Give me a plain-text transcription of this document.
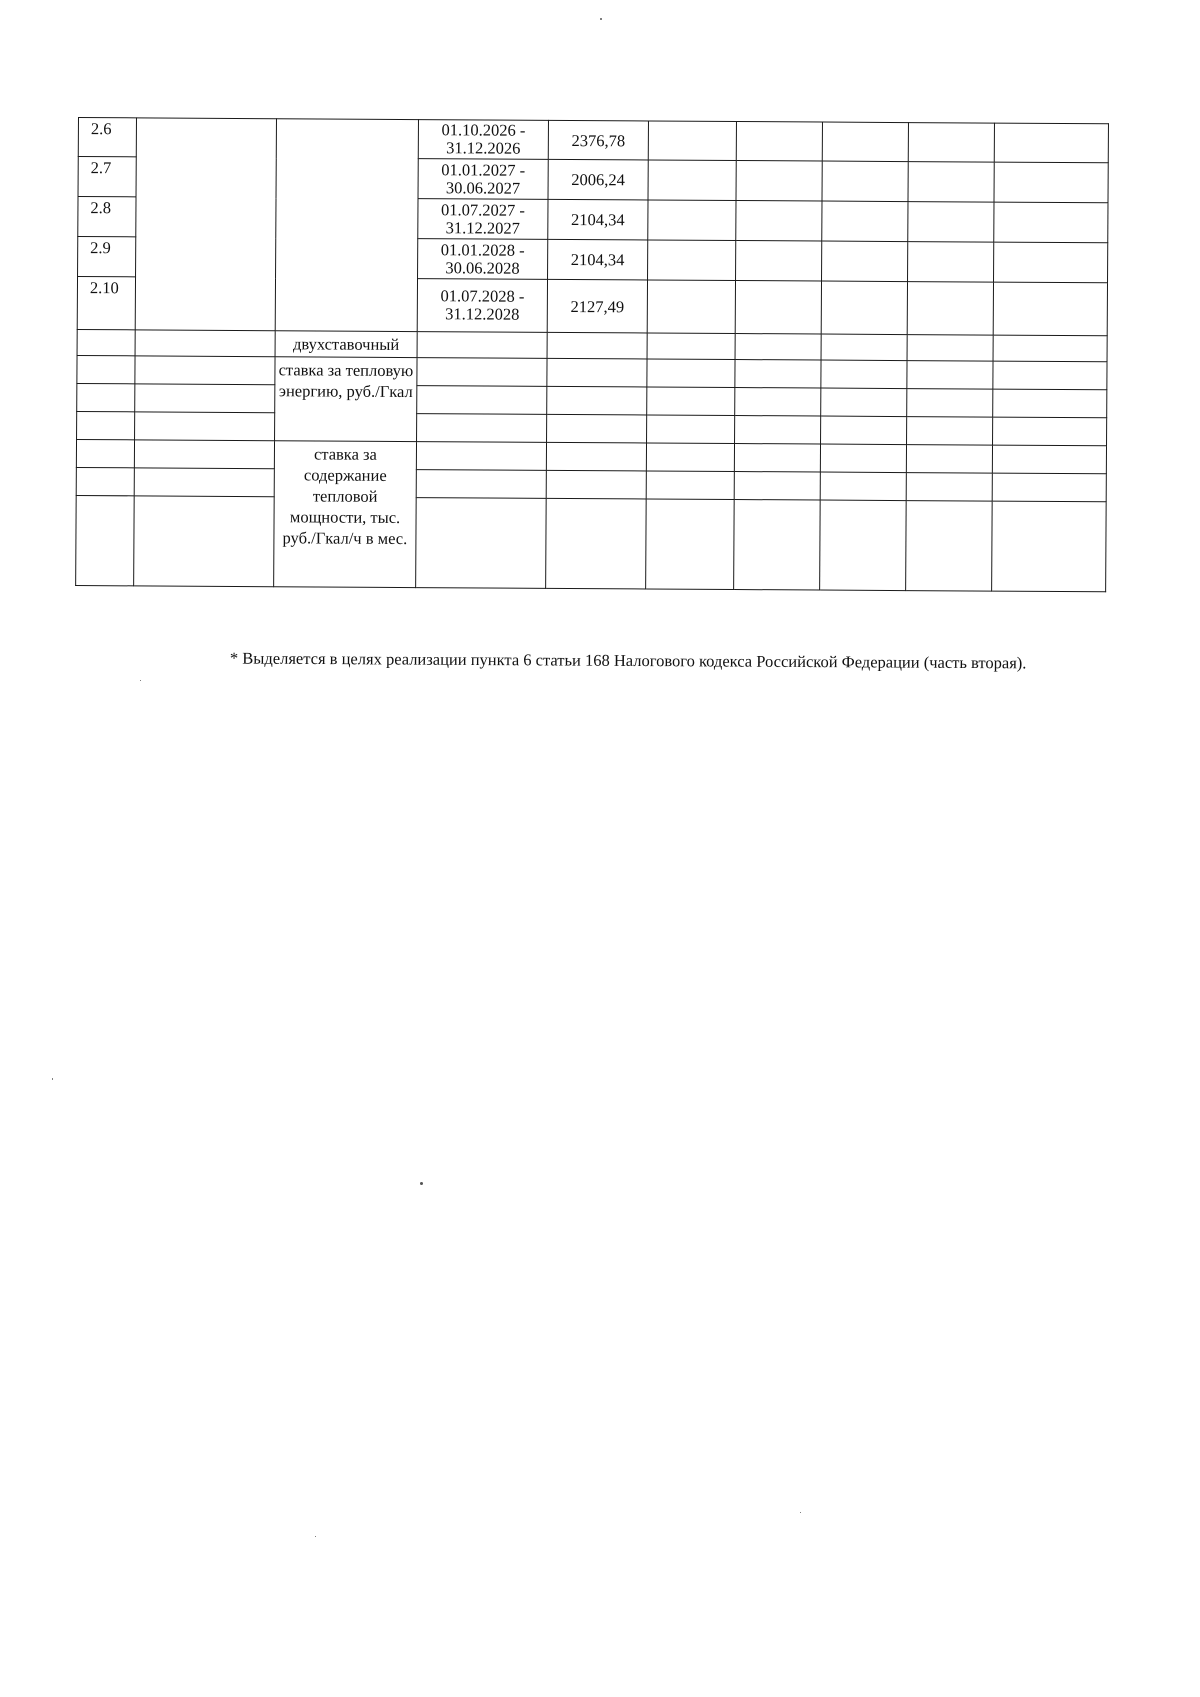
2.6			01.10.2026 - 31.12.2026	2376,78					
2.7			01.01.2027 - 30.06.2027	2006,24					
2.8			01.07.2027 - 31.12.2027	2104,34					
2.9			01.01.2028 - 30.06.2028	2104,34					
2.10			01.07.2028 - 31.12.2028	2127,49					
		двухставочный							
		ставка за тепловую энергию, руб./Гкал							

		ставка за содержание тепловой мощности, тыс. руб./Гкал/ч в мес.							

* Выделяется в целях реализации пункта 6 статьи 168 Налогового кодекса Российской Федерации (часть вторая).
